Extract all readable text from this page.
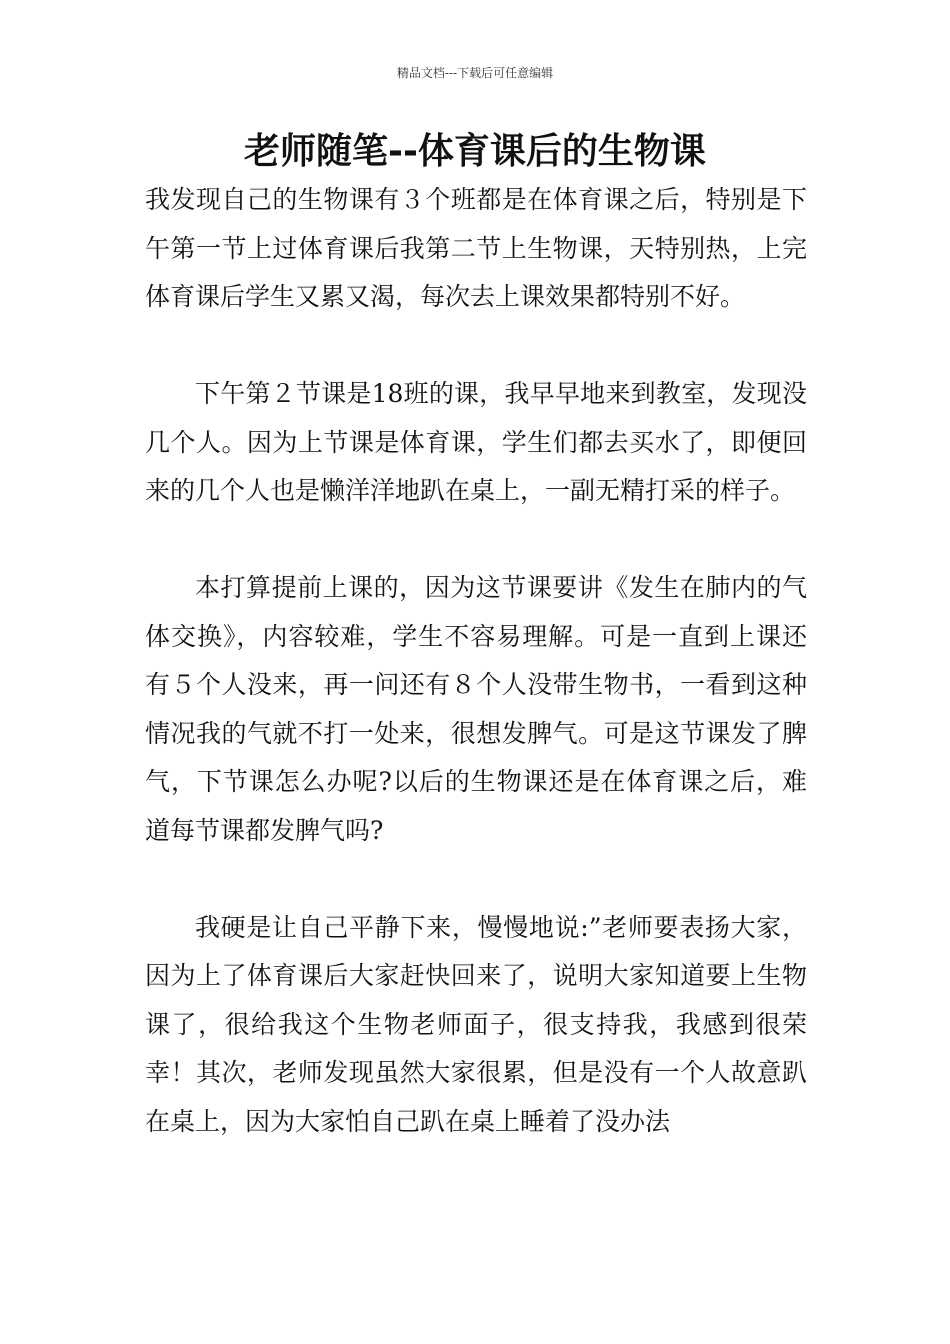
精品文档---下载后可任意编辑
老师随笔--体育课后的生物课

我发现自己的生物课有３个班都是在体育课之后，特别是下午第一节上过体育课后我第二节上生物课，天特别热，上完体育课后学生又累又渴，每次去上课效果都特别不好。

下午第２节课是18班的课，我早早地来到教室，发现没几个人。因为上节课是体育课，学生们都去买水了，即便回来的几个人也是懒洋洋地趴在桌上，一副无精打采的样子。

本打算提前上课的，因为这节课要讲《发生在肺内的气体交换》，内容较难，学生不容易理解。可是一直到上课还有５个人没来，再一问还有８个人没带生物书，一看到这种情况我的气就不打一处来，很想发脾气。可是这节课发了脾气，下节课怎么办呢?以后的生物课还是在体育课之后，难道每节课都发脾气吗?

我硬是让自己平静下来，慢慢地说:”老师要表扬大家，因为上了体育课后大家赶快回来了，说明大家知道要上生物课了，很给我这个生物老师面子，很支持我，我感到很荣幸！其次，老师发现虽然大家很累，但是没有一个人故意趴在桌上，因为大家怕自己趴在桌上睡着了没办法
